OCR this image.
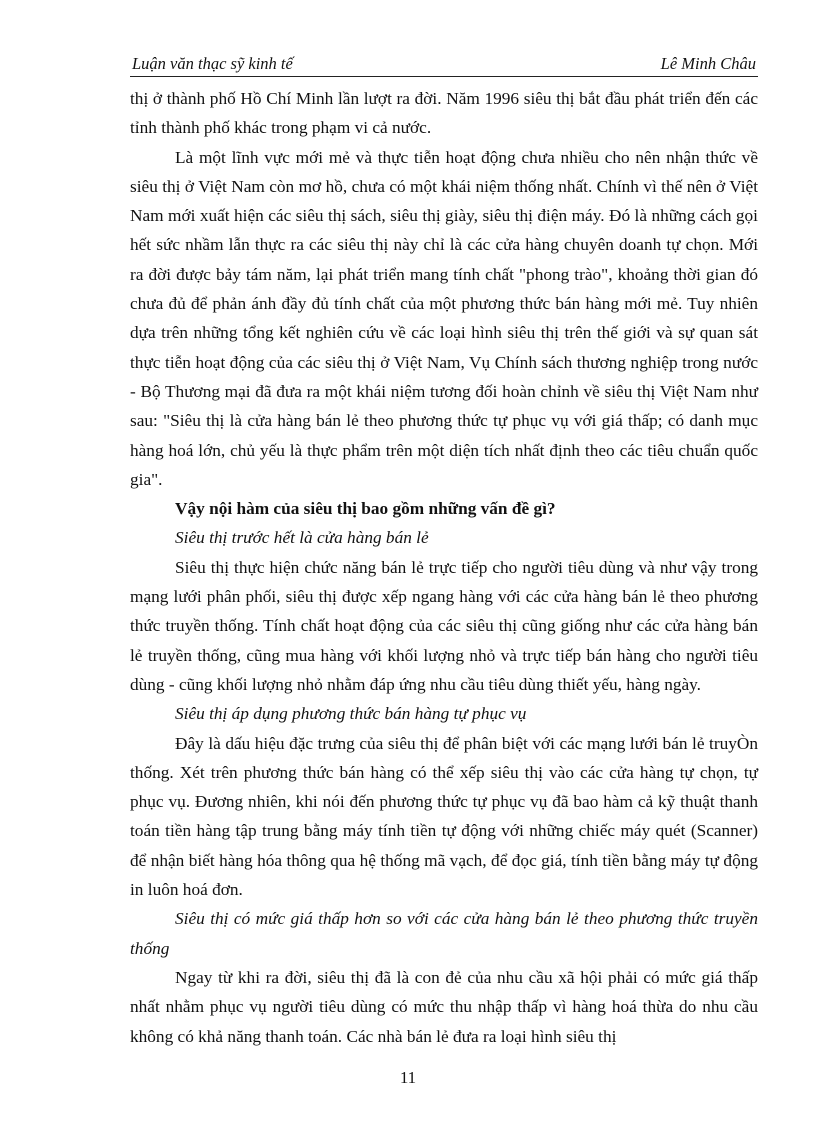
Luận văn thạc sỹ kinh tế	Lê Minh Châu

thị ở thành phố Hồ Chí Minh lần lượt ra đời. Năm 1996 siêu thị bắt đầu phát triển đến các tỉnh thành phố khác trong phạm vi cả nước.

Là một lĩnh vực mới mẻ và thực tiễn hoạt động chưa nhiều cho nên nhận thức về siêu thị ở Việt Nam còn mơ hồ, chưa có một khái niệm thống nhất. Chính vì thế nên ở Việt Nam mới xuất hiện các siêu thị sách, siêu thị giày, siêu thị điện máy. Đó là những cách gọi hết sức nhầm lẫn thực ra các siêu thị này chỉ là các cửa hàng chuyên doanh tự chọn. Mới ra đời được bảy tám năm, lại phát triển mang tính chất "phong trào", khoảng thời gian đó chưa đủ để phản ánh đầy đủ tính chất của một phương thức bán hàng mới mẻ. Tuy nhiên dựa trên những tổng kết nghiên cứu về các loại hình siêu thị trên thế giới và sự quan sát thực tiễn hoạt động của các siêu thị ở Việt Nam, Vụ Chính sách thương nghiệp trong nước - Bộ Thương mại đã đưa ra một khái niệm tương đối hoàn chỉnh về siêu thị Việt Nam như sau: "Siêu thị là cửa hàng bán lẻ theo phương thức tự phục vụ với giá thấp; có danh mục hàng hoá lớn, chủ yếu là thực phẩm trên một diện tích nhất định theo các tiêu chuẩn quốc gia".

Vậy nội hàm của siêu thị bao gồm những vấn đề gì?

Siêu thị trước hết là cửa hàng bán lẻ

Siêu thị thực hiện chức năng bán lẻ trực tiếp cho người tiêu dùng và như vậy trong mạng lưới phân phối, siêu thị được xếp ngang hàng với các cửa hàng bán lẻ theo phương thức truyền thống. Tính chất hoạt động của các siêu thị cũng giống như các cửa hàng bán lẻ truyền thống, cũng mua hàng với khối lượng nhỏ và trực tiếp bán hàng cho người tiêu dùng - cũng khối lượng nhỏ nhằm đáp ứng nhu cầu tiêu dùng thiết yếu, hàng ngày.

Siêu thị áp dụng phương thức bán hàng tự phục vụ

Đây là dấu hiệu đặc trưng của siêu thị để phân biệt với các mạng lưới bán lẻ truyÒn thống. Xét trên phương thức bán hàng có thể xếp siêu thị vào các cửa hàng tự chọn, tự phục vụ. Đương nhiên, khi nói đến phương thức tự phục vụ đã bao hàm cả kỹ thuật thanh toán tiền hàng tập trung bằng máy tính tiền tự động với những chiếc máy quét (Scanner) để nhận biết hàng hóa thông qua hệ thống mã vạch, để đọc giá, tính tiền bằng máy tự động in luôn hoá đơn.

Siêu thị có mức giá thấp hơn so với các cửa hàng bán lẻ theo phương thức truyền thống

Ngay từ khi ra đời, siêu thị đã là con đẻ của nhu cầu xã hội phải có mức giá thấp nhất nhằm phục vụ người tiêu dùng có mức thu nhập thấp vì hàng hoá thừa do nhu cầu không có khả năng thanh toán. Các nhà bán lẻ đưa ra loại hình siêu thị

11
